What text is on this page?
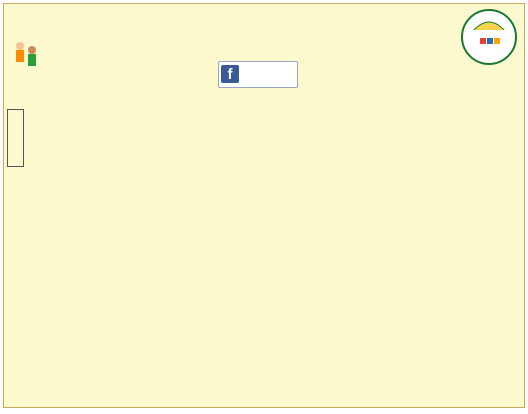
f
